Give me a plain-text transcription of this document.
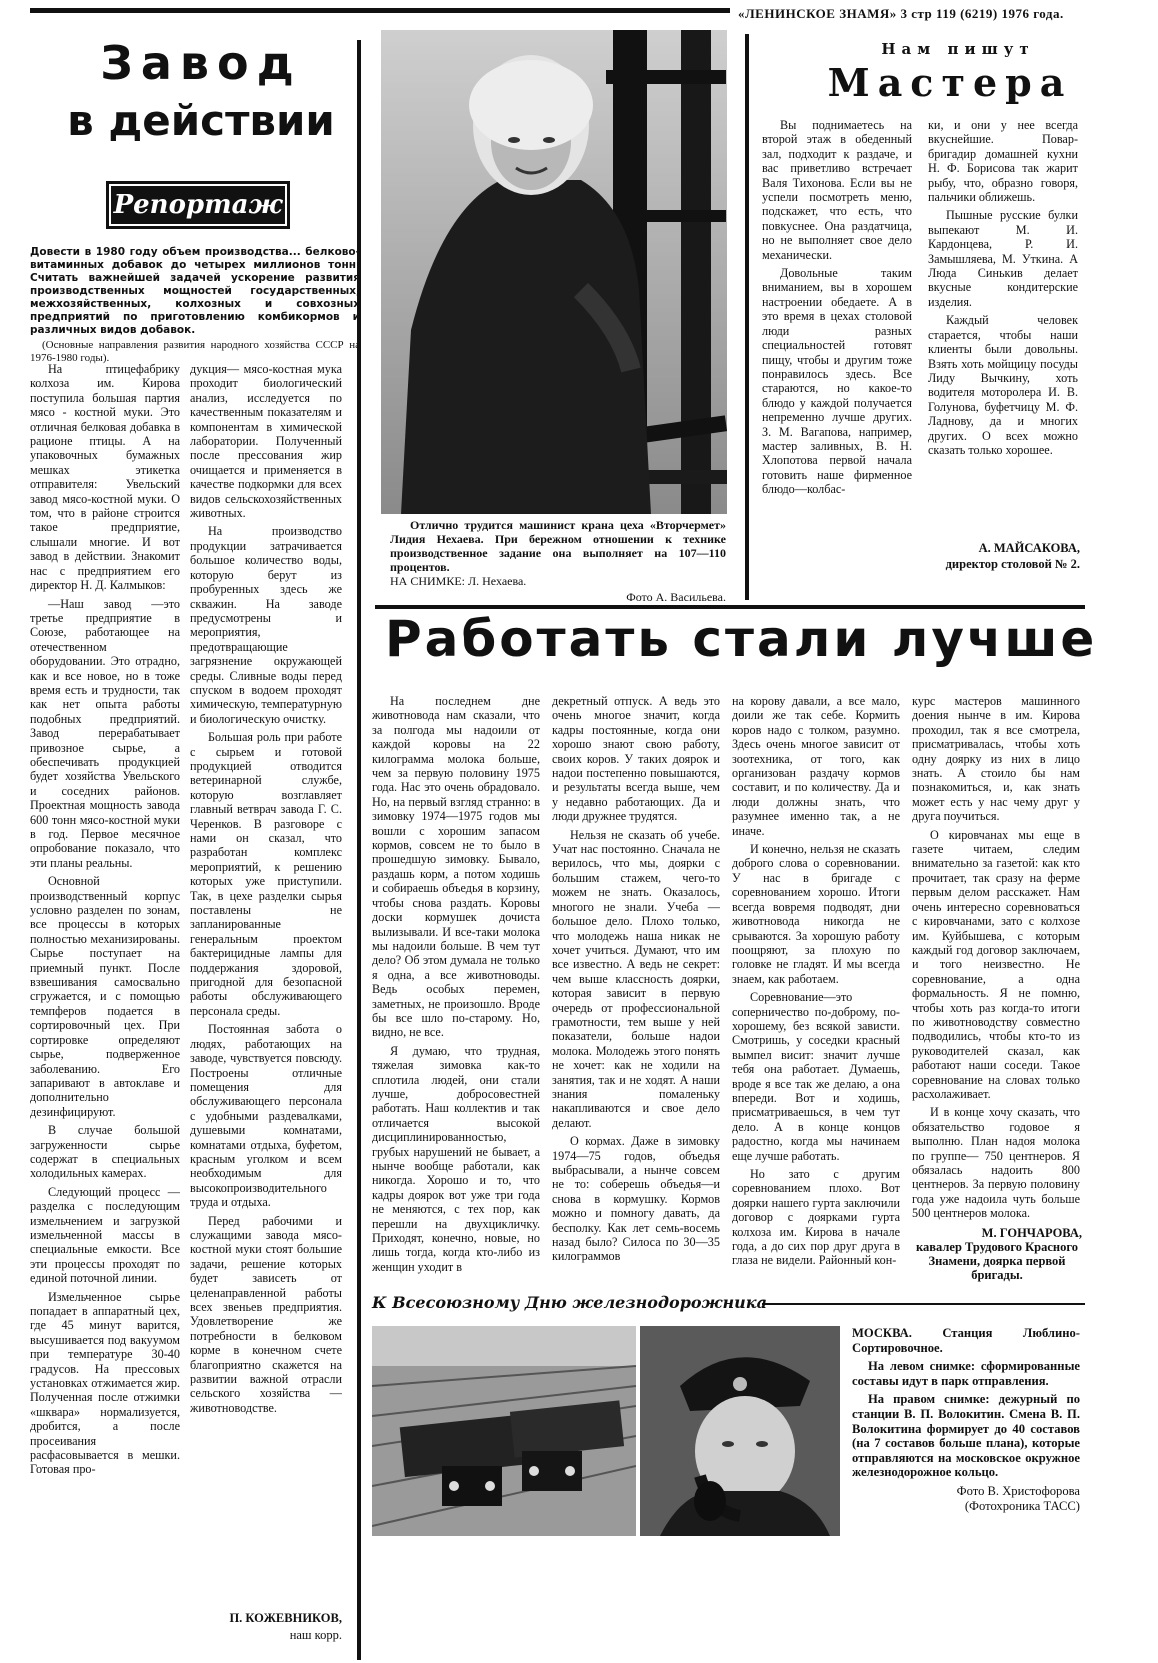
«ЛЕНИНСКОЕ ЗНАМЯ» 3 стр 119 (6219) 1976 года.
Завод
в действии
Репортаж
Довести в 1980 году объем производства... белково-витаминных добавок до четырех миллионов тонн. Считать важнейшей задачей ускорение развития производственных мощностей государственных, межхозяйственных, колхозных и совхозных предприятий по приготовлению комбикормов и различных видов добавок.
(Основные направления развития народного хозяйства СССР на 1976-1980 годы).

На птицефабрику колхоза им. Кирова поступила большая партия мясо - костной муки. Это отличная белковая добавка в рационе птицы. А на упаковочных бумажных мешках этикетка отправителя: Увельский завод мясо-костной муки. О том, что в районе строится такое предприятие, слышали многие. И вот завод в действии. Знакомит нас с предприятием его директор Н. Д. Калмыков:

—Наш завод —это третье предприятие в Союзе, работающее на отечественном оборудовании. Это отрадно, как и все новое, но в тоже время есть и трудности, так как нет опыта работы подобных предприятий. Завод перерабатывает привозное сырье, а обеспечивать продукцией будет хозяйства Увельского и соседних районов. Проектная мощность завода 600 тонн мясо-костной муки в год. Первое месячное опробование показало, что эти планы реальны.

Основной производственный корпус условно разделен по зонам, все процессы в которых полностью механизированы. Сырье поступает на приемный пункт. После взвешивания самосвально сгружается, и с помощью темпферов подается в сортировочный цех. При сортировке определяют сырье, подверженное заболеванию. Его запаривают в автоклаве и дополнительно дезинфицируют.

В случае большой загруженности сырье содержат в специальных холодильных камерах.

Следующий процесс —разделка с последующим измельчением и загрузкой измельченной массы в специальные емкости. Все эти процессы проходят по единой поточной линии.

Измельченное сырье попадает в аппаратный цех, где 45 минут варится, высушивается под вакуумом при температуре 30-40 градусов. На прессовых установках отжимается жир. Полученная после отжимки «шквара» нормализуется, дробится, а после просеивания расфасовывается в мешки. Готовая про-

дукция— мясо-костная мука проходит биологический анализ, исследуется по качественным показателям и компонентам в химической лаборатории. Полученный после прессования жир очищается и применяется в качестве подкормки для всех видов сельскохозяйственных животных.

На производство продукции затрачивается большое количество воды, которую берут из пробуренных здесь же скважин. На заводе предусмотрены и мероприятия, предотвращающие загрязнение окружающей среды. Сливные воды перед спуском в водоем проходят химическую, температурную и биологическую очистку.

Большая роль при работе с сырьем и готовой продукцией отводится ветеринарной службе, которую возглавляет главный ветврач завода Г. С. Черенков. В разговоре с нами он сказал, что разработан комплекс мероприятий, к решению которых уже приступили. Так, в цехе разделки сырья поставлены не запланированные генеральным проектом бактерицидные лампы для поддержания здоровой, пригодной для безопасной работы обслуживающего персонала среды.

Постоянная забота о людях, работающих на заводе, чувствуется повсюду. Построены отличные помещения для обслуживающего персонала с удобными раздевалками, душевыми комнатами, комнатами отдыха, буфетом, красным уголком и всем необходимым для высокопроизводительного труда и отдыха.

Перед рабочими и служащими завода мясо-костной муки стоят большие задачи, решение которых будет зависеть от целенаправленной работы всех звеньев предприятия. Удовлетворение же потребности в белковом корме в конечном счете благоприятно скажется на развитии важной отрасли сельского хозяйства —животноводстве.

П. КОЖЕВНИКОВ,
наш корр.
Отлично трудится машинист крана цеха «Вторчермет» Лидия Нехаева. При бережном отношении к технике производственное задание она выполняет на 107—110 процентов.
НА СНИМКЕ: Л. Нехаева.
Фото А. Васильева.
Нам пишут
Мастера

Вы поднимаетесь на второй этаж в обеденный зал, подходит к раздаче, и вас приветливо встречает Валя Тихонова. Если вы не успели посмотреть меню, подскажет, что есть, что повкуснее. Она раздатчица, но не выполняет свое дело механически.

Довольные таким вниманием, вы в хорошем настроении обедаете. А в это время в цехах столовой люди разных специальностей готовят пищу, чтобы и другим тоже понравилось здесь. Все стараются, но какое-то блюдо у каждой получается непременно лучше других. З. М. Вагапова, например, мастер заливных, В. Н. Хлопотова первой начала готовить наше фирменное блюдо—колбас-

ки, и они у нее всегда вкуснейшие. Повар-бригадир домашней кухни Н. Ф. Борисова так жарит рыбу, что, образно говоря, пальчики оближешь.

Пышные русские булки выпекают М. И. Кардонцева, Р. И. Замышляева, М. Уткина. А Люда Синькив делает вкусные кондитерские изделия.

Каждый человек старается, чтобы наши клиенты были довольны. Взять хоть мойщицу посуды Лиду Вычкину, хоть водителя моторолера И. В. Голунова, буфетчицу М. Ф. Ладнову, да и многих других. О всех можно сказать только хорошее.

А. МАЙСАКОВА,
директор столовой № 2.
Работать стали лучше

На последнем дне животновода нам сказали, что за полгода мы надоили от каждой коровы на 22 килограмма молока больше, чем за первую половину 1975 года. Нас это очень обрадовало. Но, на первый взгляд странно: в зимовку 1974—1975 годов мы вошли с хорошим запасом кормов, совсем не то было в прошедшую зимовку. Бывало, раздашь корм, а потом ходишь и собираешь объедья в корзину, чтобы снова раздать. Коровы доски кормушек дочиста вылизывали. И все-таки молока мы надоили больше. В чем тут дело? Об этом думала не только я одна, а все животноводы. Ведь особых перемен, заметных, не произошло. Вроде бы все шло по-старому. Но, видно, не все.

Я думаю, что трудная, тяжелая зимовка как-то сплотила людей, они стали лучше, добросовестней работать. Наш коллектив и так отличается высокой дисциплинированностью, грубых нарушений не бывает, а нынче вообще работали, как никогда. Хорошо и то, что кадры доярок вот уже три года не меняются, с тех пор, как перешли на двухцикличку. Приходят, конечно, новые, но лишь тогда, когда кто-либо из женщин уходит в

декретный отпуск. А ведь это очень многое значит, когда кадры постоянные, когда они хорошо знают свою работу, своих коров. У таких доярок и надои постепенно повышаются, и результаты всегда выше, чем у недавно работающих. Да и люди дружнее трудятся.

Нельзя не сказать об учебе. Учат нас постоянно. Сначала не верилось, что мы, доярки с большим стажем, чего-то можем не знать. Оказалось, многого не знали. Учеба — большое дело. Плохо только, что молодежь наша никак не хочет учиться. Думают, что им все известно. А ведь не секрет: чем выше классность доярки, которая зависит в первую очередь от профессиональной грамотности, тем выше у ней показатели, больше надои молока. Молодежь этого понять не хочет: как не ходили на занятия, так и не ходят. А наши знания помаленьку накапливаются и свое дело делают.

О кормах. Даже в зимовку 1974—75 годов, объедья выбрасывали, а нынче совсем не то: соберешь объедья—и снова в кормушку. Кормов можно и помногу давать, да бесполку. Как лет семь-восемь назад было? Силоса по 30—35 килограммов

на корову давали, а все мало, доили же так себе. Кормить коров надо с толком, разумно. Здесь очень многое зависит от зоотехника, от того, как организован раздачу кормов составит, и по количеству. Да и люди должны знать, что разумнее именно так, а не иначе.

И конечно, нельзя не сказать доброго слова о соревновании. У нас в бригаде с соревнованием хорошо. Итоги всегда вовремя подводят, дни животновода никогда не срываются. За хорошую работу поощряют, за плохую по головке не гладят. И мы всегда знаем, как работаем.

Соревнование—это соперничество по-доброму, по-хорошему, без всякой зависти. Смотришь, у соседки красный вымпел висит: значит лучше тебя она работает. Думаешь, вроде я все так же делаю, а она впереди. Вот и ходишь, присматриваешься, в чем тут дело. А в конце концов радостно, когда мы начинаем еще лучше работать.

Но зато с другим соревнованием плохо. Вот доярки нашего гурта заключили договор с доярками гурта колхоза им. Кирова в начале года, а до сих пор друг друга в глаза не видели. Районный кон-

курс мастеров машинного доения нынче в им. Кирова проходил, так я все смотрела, присматривалась, чтобы хоть одну доярку из них в лицо знать. А стоило бы нам познакомиться, и, как знать может есть у нас чему друг у друга поучиться.

О кировчанах мы еще в газете читаем, следим внимательно за газетой: как кто прочитает, так сразу на ферме первым делом расскажет. Нам очень интересно соревноваться с кировчанами, зато с колхозе им. Куйбышева, с которым каждый год договор заключаем, и того неизвестно. Не соревнование, а одна формальность. Я не помню, чтобы хоть раз когда-то итоги по животноводству совместно подводились, чтобы кто-то из руководителей сказал, как работают наши соседи. Такое соревнование на словах только расхолаживает.

И в конце хочу сказать, что обязательство годовое я выполню. План надоя молока по группе— 750 центнеров. Я обязалась надоить 800 центнеров. За первую половину года уже надоила чуть больше 500 центнеров молока.

М. ГОНЧАРОВА,
кавалер Трудового Красного Знамени, доярка первой бригады.
К Всесоюзному Дню железнодорожника

МОСКВА. Станция Люблино-Сортировочное.

На левом снимке: сформированные составы идут в парк отправления.

На правом снимке: дежурный по станции В. П. Волокитин. Смена В. П. Волокитина формирует до 40 составов (на 7 составов больше плана), которые отправляются на московское окружное железнодорожное кольцо.

Фото В. Христофорова

(Фотохроника ТАСС)
